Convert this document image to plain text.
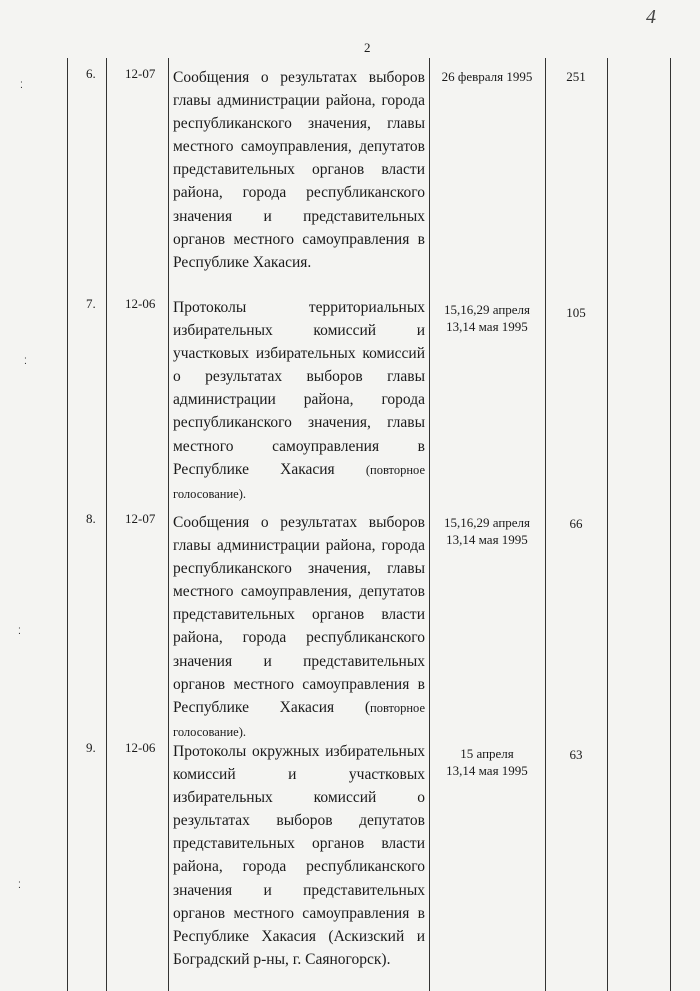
4
2
⁚
⁚
⁚
⁚
6. 12-07 Сообщения о результатах выборов главы администрации района, города республиканского значения, главы местного самоуправления, депутатов представительных органов власти района, города республиканского значения и представительных органов местного самоуправления в Республике Хакасия.
26 февраля 1995	251
7. 12-06 Протоколы территориальных избирательных комиссий и участковых избирательных комиссий о результатах выборов главы администрации района, города республиканского значения, главы местного самоуправления в Республике Хакасия (повторное голосование).
15,16,29 апреля
13,14 мая 1995
105
8. 12-07 Сообщения о результатах выборов главы администрации района, города республиканского значения, главы местного самоуправления, депутатов представительных органов власти района, города республиканского значения и представительных органов местного самоуправления в Республике Хакасия (повторное голосование).
15,16,29 апреля
13,14 мая 1995
66
9. 12-06 Протоколы окружных избирательных комиссий и участковых избирательных комиссий о результатах выборов депутатов представительных органов власти района, города республиканского значения и представительных органов местного самоуправления в Республике Хакасия (Аскизский и Боградский р-ны, г. Саяногорск).
15 апреля
13,14 мая 1995
63
